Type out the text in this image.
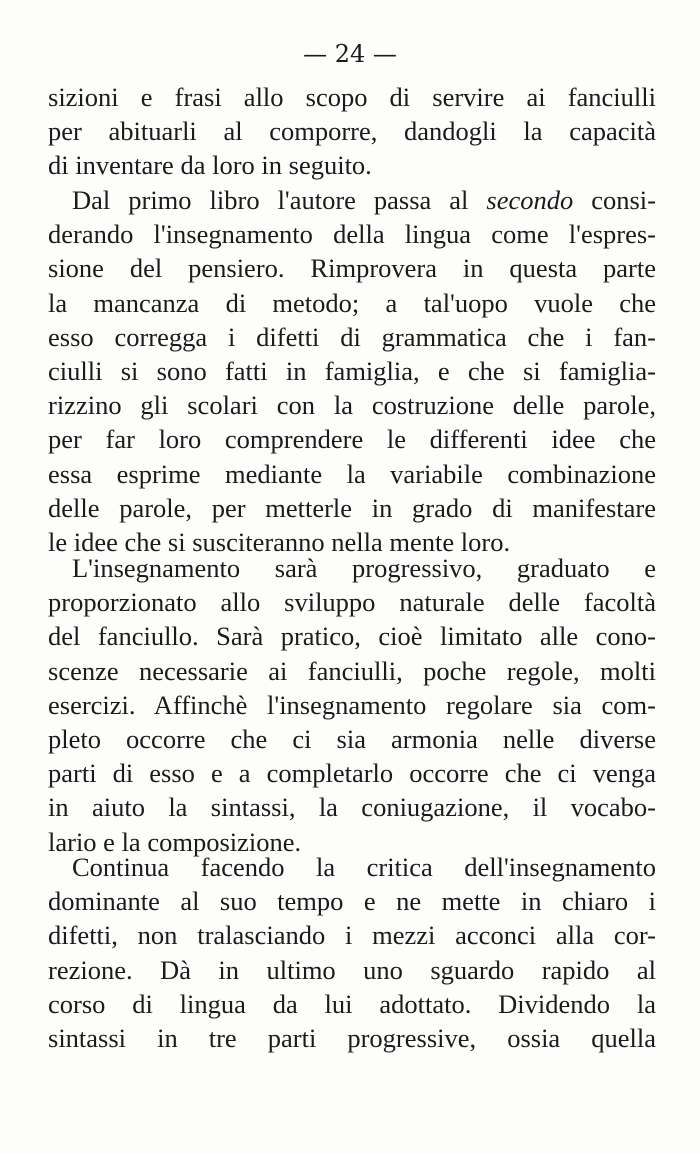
— 24 —
sizioni e frasi allo scopo di servire ai fanciulli
per abituarli al comporre, dandogli la capacità
di inventare da loro in seguito.
Dal primo libro l'autore passa al secondo consi-
derando l'insegnamento della lingua come l'espres-
sione del pensiero. Rimprovera in questa parte
la mancanza di metodo; a tal'uopo vuole che
esso corregga i difetti di grammatica che i fan-
ciulli si sono fatti in famiglia, e che si famiglia-
rizzino gli scolari con la costruzione delle parole,
per far loro comprendere le differenti idee che
essa esprime mediante la variabile combinazione
delle parole, per metterle in grado di manifestare
le idee che si susciteranno nella mente loro.
L'insegnamento sarà progressivo, graduato e
proporzionato allo sviluppo naturale delle facoltà
del fanciullo. Sarà pratico, cioè limitato alle cono-
scenze necessarie ai fanciulli, poche regole, molti
esercizi. Affinchè l'insegnamento regolare sia com-
pleto occorre che ci sia armonia nelle diverse
parti di esso e a completarlo occorre che ci venga
in aiuto la sintassi, la coniugazione, il vocabo-
lario e la composizione.
Continua facendo la critica dell'insegnamento
dominante al suo tempo e ne mette in chiaro i
difetti, non tralasciando i mezzi acconci alla cor-
rezione. Dà in ultimo uno sguardo rapido al
corso di lingua da lui adottato. Dividendo la
sintassi in tre parti progressive, ossia quella
